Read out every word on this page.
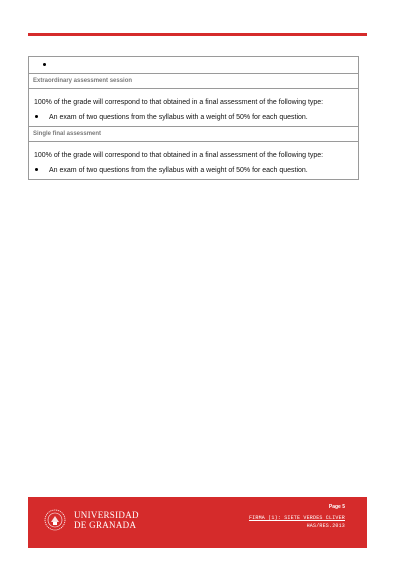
Extraordinary assessment session

100% of the grade will correspond to that obtained in a final assessment of the following type:

An exam of two questions from the syllabus with a weight of 50% for each question.
Single final assessment

100% of the grade will correspond to that obtained in a final assessment of the following type:

An exam of two questions from the syllabus with a weight of 50% for each question.
UNIVERSIDAD
DE GRANADA
Page 5
FIRMA (1): SIETE VERDES CLIVER
HAS/RES.2013
